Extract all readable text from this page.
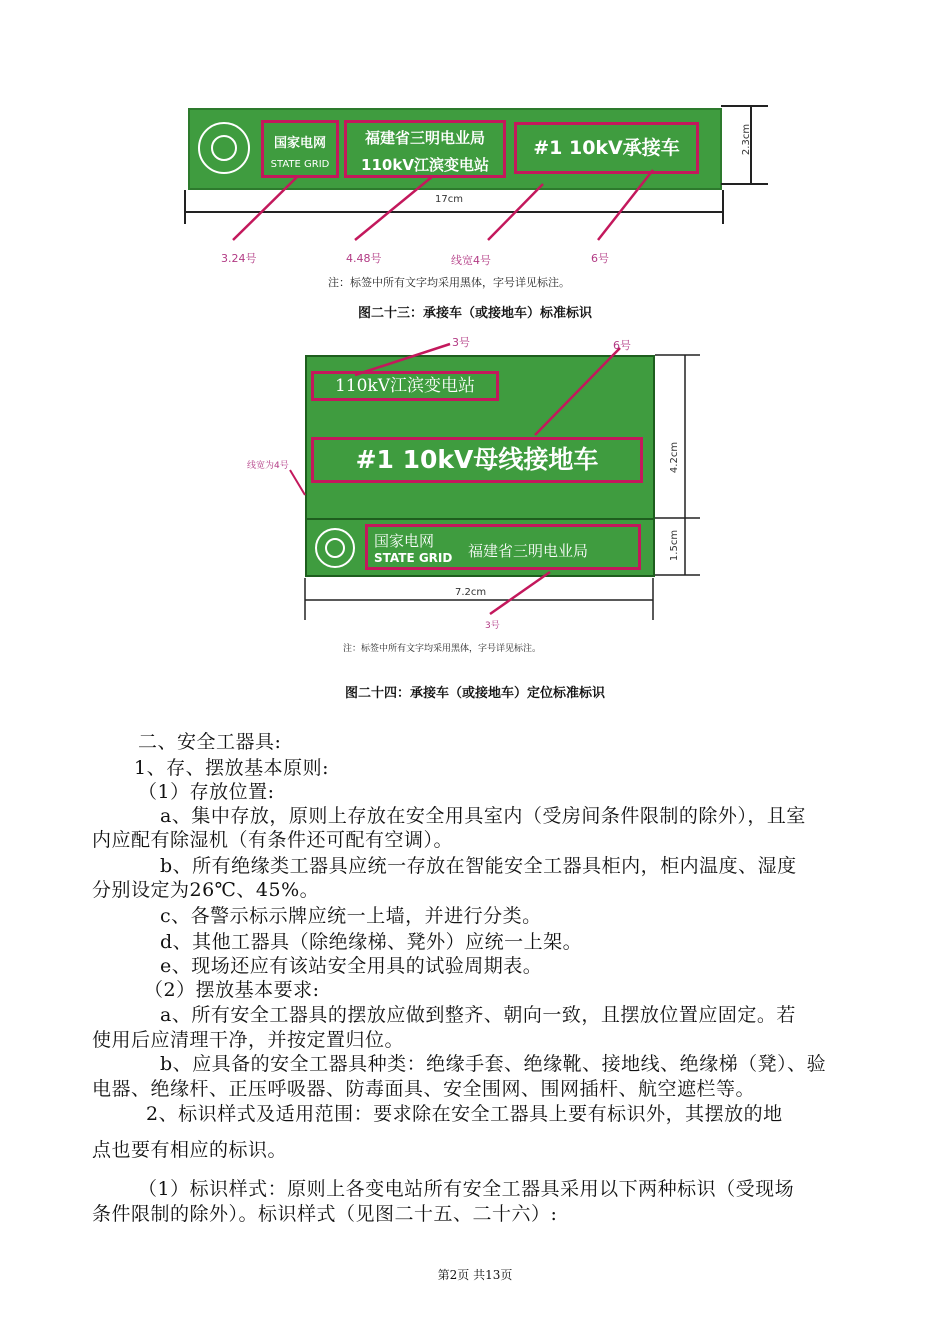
国家电网
STATE GRID
福建省三明电业局
110kV江滨变电站
#1 10kV承接车	2.3cm
17cm
3.24号	4.48号	线宽4号	6号
注：标签中所有文字均采用黑体，字号详见标注。
图二十三：承接车（或接地车）标准标识
110kV江滨变电站
#1 10kV母线接地车
国家电网
STATE GRID 福建省三明电业局
3号	6号
线宽为4号
3号
4.2cm
1.5cm
7.2cm
注：标签中所有文字均采用黑体，字号详见标注。
图二十四：承接车（或接地车）定位标准标识
二、安全工器具:
1、存、摆放基本原则:
（1）存放位置:
a、集中存放，原则上存放在安全用具室内（受房间条件限制的除外），且室
内应配有除湿机（有条件还可配有空调）。
b、所有绝缘类工器具应统一存放在智能安全工器具柜内，柜内温度、湿度
分别设定为26℃、45%。
c、各警示标示牌应统一上墙，并进行分类。
d、其他工器具（除绝缘梯、凳外）应统一上架。
e、现场还应有该站安全用具的试验周期表。
（2）摆放基本要求:
a、所有安全工器具的摆放应做到整齐、朝向一致，且摆放位置应固定。若
使用后应清理干净，并按定置归位。
b、应具备的安全工器具种类：绝缘手套、绝缘靴、接地线、绝缘梯（凳）、验
电器、绝缘杆、正压呼吸器、防毒面具、安全围网、围网插杆、航空遮栏等。
2、标识样式及适用范围：要求除在安全工器具上要有标识外，其摆放的地
点也要有相应的标识。
（1）标识样式：原则上各变电站所有安全工器具采用以下两种标识（受现场
条件限制的除外）。标识样式（见图二十五、二十六）:
第2页 共13页
